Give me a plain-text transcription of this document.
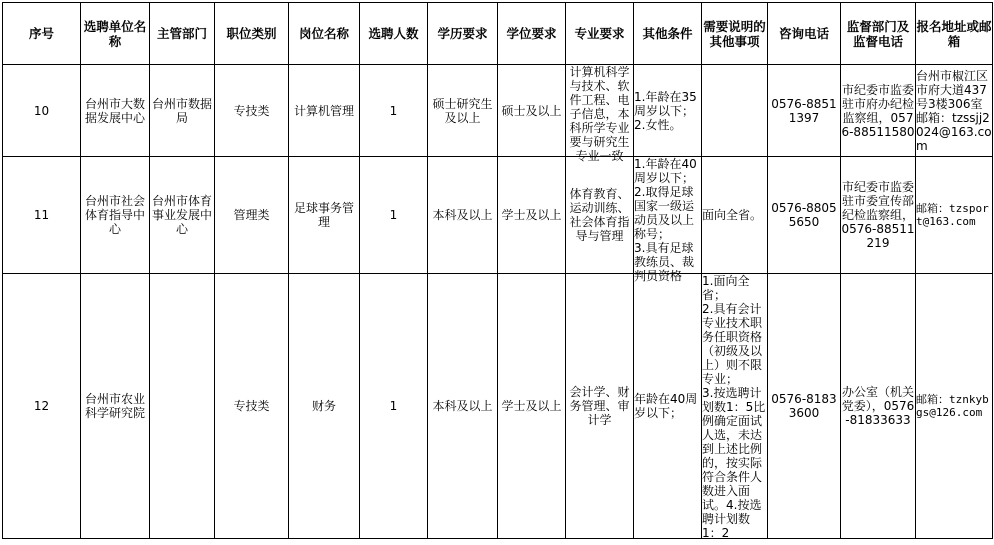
序号	选聘单位名称	主管部门	职位类别	岗位名称	选聘人数	学历要求	学位要求	专业要求	其他条件	需要说明的其他事项	咨询电话	监督部门及监督电话	报名地址或邮箱
10	台州市大数据发展中心	台州市数据局	专技类	计算机管理	1	硕士研究生及以上	硕士及以上	计算机科学与技术、软件工程、电子信息，本科所学专业要与研究生专业一致	1.年龄在35周岁以下；
2.女性。		0576-88511397	市纪委市监委驻市府办纪检监察组，0576-88511580	台州市椒江区市府大道437号3楼306室
邮箱：tzssjj2024@163.com

11	台州市社会体育指导中心	台州市体育事业发展中心	管理类	足球事务管理	1	本科及以上	学士及以上	体育教育、运动训练、社会体育指导与管理	1.年龄在40周岁以下；
2.取得足球国家一级运动员及以上称号；
3.具有足球教练员、裁判员资格	面向全省。	0576-88055650	市纪委市监委驻市委宣传部纪检监察组，0576-88511219	邮箱：tzsport@163.com

12	台州市农业科学研究院		专技类	财务	1	本科及以上	学士及以上	会计学、财务管理、审计学	年龄在40周岁以下；	1.面向全省；
2.具有会计专业技术职务任职资格（初级及以上）则不限专业；
3.按选聘计划数1：5比例确定面试人选，未达到上述比例的，按实际符合条件人数进入面试。4.按选聘计划数1：2	0576-81833600	办公室（机关党委），0576-81833633	邮箱：tznkybgs@126.com
